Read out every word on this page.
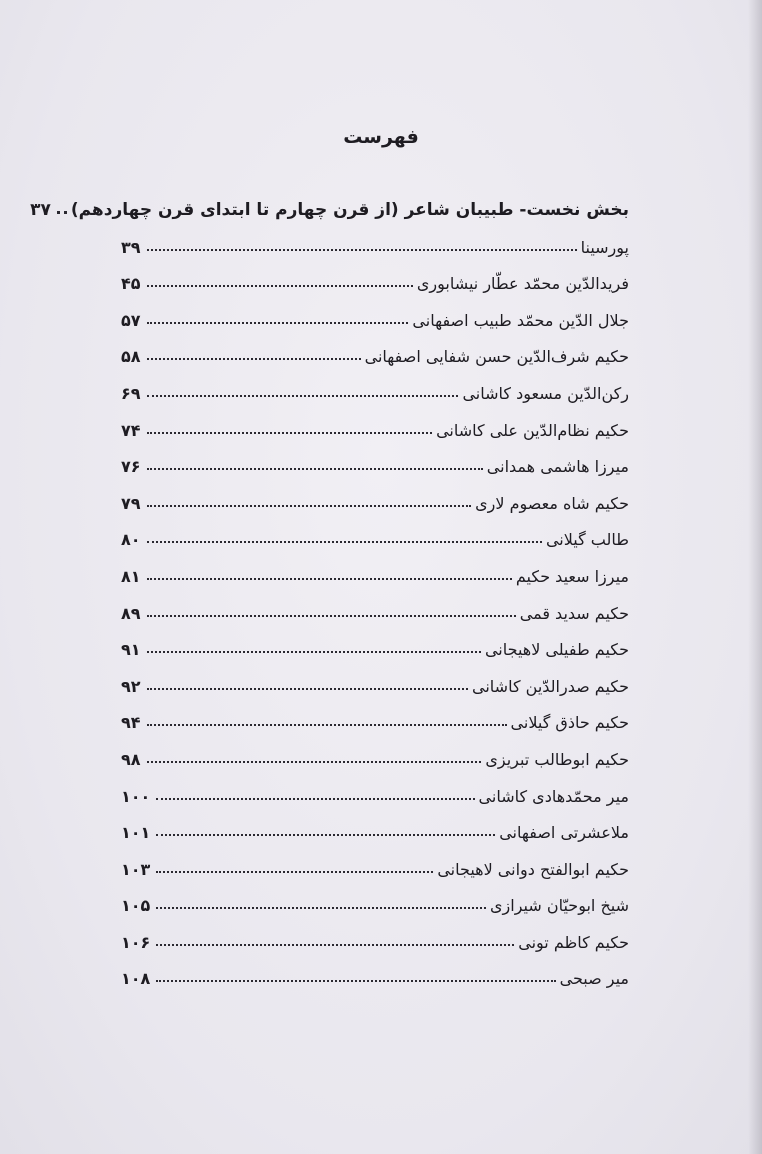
فهرست
بخش نخست- طبیبان شاعر (از قرن چهارم تا ابتدای قرن چهاردهم)
۳۷
پورسینا
۳۹
فریدالدّین محمّد عطّار نیشابوری
۴۵
جلال الدّین محمّد طبیب اصفهانی
۵۷
حکیم شرف‌الدّین حسن شفایی اصفهانی
۵۸
رکن‌الدّین مسعود کاشانی
۶۹
حکیم نظام‌الدّین علی کاشانی
۷۴
میرزا هاشمی همدانی
۷۶
حکیم شاه معصوم لاری
۷۹
طالب گیلانی
۸۰
میرزا سعید حکیم
۸۱
حکیم سدید قمی
۸۹
حکیم طفیلی لاهیجانی
۹۱
حکیم صدرالدّین کاشانی
۹۲
حکیم حاذق گیلانی
۹۴
حکیم ابوطالب تبریزی
۹۸
میر محمّدهادی کاشانی
۱۰۰
ملاعشرتی اصفهانی
۱۰۱
حکیم ابوالفتح دوانی لاهیجانی
۱۰۳
شیخ ابوحیّان شیرازی
۱۰۵
حکیم کاظم تونی
۱۰۶
میر صبحی
۱۰۸
